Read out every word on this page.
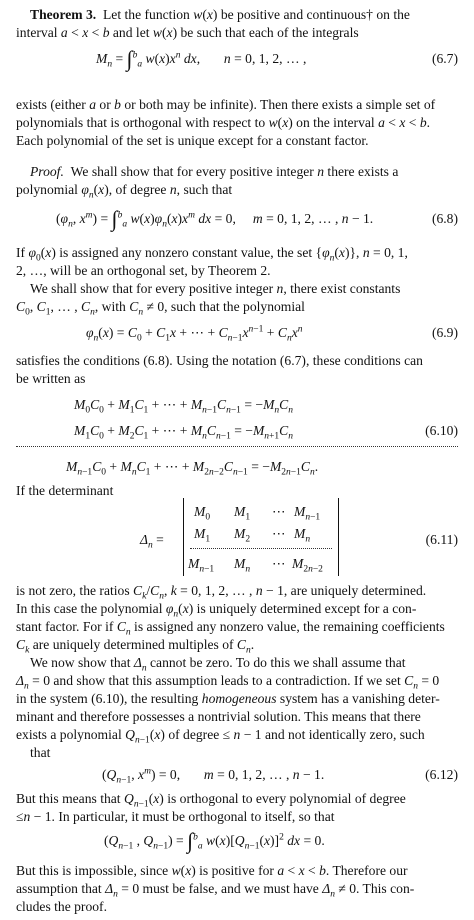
Theorem 3.  Let the function w(x) be positive and continuous† on the
interval a < x < b and let w(x) be such that each of the integrals
$M_n = \int^b_a$ $w(x)x^n$ dx,       n = 0, 1, 2, … ,	(6.7)
exists (either a or b or both may be infinite). Then there exists a simple set of
polynomials that is orthogonal with respect to w(x) on the interval a < x < b.
Each polynomial of the set is unique except for a constant factor.
Proof.  We shall show that for every positive integer n there exists a
polynomial $\varphi_n(x)$, of degree n, such that
($\varphi_n$, $x^m) = \int^b_a$ $w(x)\varphi_n(x)x^m$ dx = 0,     m = 0, 1, 2, … , n − 1.	(6.8)
If $\varphi_0(x)$ is assigned any nonzero constant value, the set $\{\varphi_n(x)\}$, n = 0, 1,
2, …, will be an orthogonal set, by Theorem 2.
We shall show that for every positive integer n, there exist constants
$C_0$, $C_1$, … , $C_n$, with $C_n \ne 0$, such that the polynomial
$\varphi_n(x) = C_0 + C_1x$ + ⋯ + $C_{n-1}x^{n-1} + C_nx^n$	(6.9)
satisfies the conditions (6.8). Using the notation (6.7), these conditions can
be written as
$M_0C_0 + M_1C_1$ + ⋯ + $M_{n-1}C_{n-1} = -M_nC_n$
$M_1C_0 + M_2C_1$ + ⋯ + $M_nC_{n-1} = -M_{n+1}C_n$	(6.10)
$M_{n-1}C_0 + M_nC_1$ + ⋯ + $M_{2n-2}C_{n-1} = -M_{2n-1}C_n$.
If the determinant
$\Delta_n$ =
$M_0$ $M_1$ ⋯ $M_{n-1}$
$M_1$ $M_2$ ⋯ $M_n$
$M_{n-1}$ $M_n$ ⋯ $M_{2n-2}$
(6.11)
is not zero, the ratios $C_k/C_n$, k = 0, 1, 2, … , n − 1, are uniquely determined.
In this case the polynomial $\varphi_n(x)$ is uniquely determined except for a con-
stant factor. For if $C_n$ is assigned any nonzero value, the remaining coefficients
$C_k$ are uniquely determined multiples of $C_n$.
We now show that $\Delta_n$ cannot be zero. To do this we shall assume that
$\Delta_n = 0$ and show that this assumption leads to a contradiction. If we set $C_n = 0$
in the system (6.10), the resulting homogeneous system has a vanishing deter-
minant and therefore possesses a nontrivial solution. This means that there
exists a polynomial $Q_{n-1}(x)$ of degree ≤ n − 1 and not identically zero, such
that
($Q_{n-1}$, $x^m) = 0$,       m = 0, 1, 2, … , n − 1.	(6.12)
But this means that $Q_{n-1}(x)$ is orthogonal to every polynomial of degree
≤n − 1. In particular, it must be orthogonal to itself, so that
($Q_{n-1}$ , $Q_{n-1}) = \int^b_a$ $w(x)[Q_{n-1}(x)]^2$ dx = 0.
But this is impossible, since w(x) is positive for a < x < b. Therefore our
assumption that $\Delta_n = 0$ must be false, and we must have $\Delta_n \ne 0$. This con-
cludes the proof.
